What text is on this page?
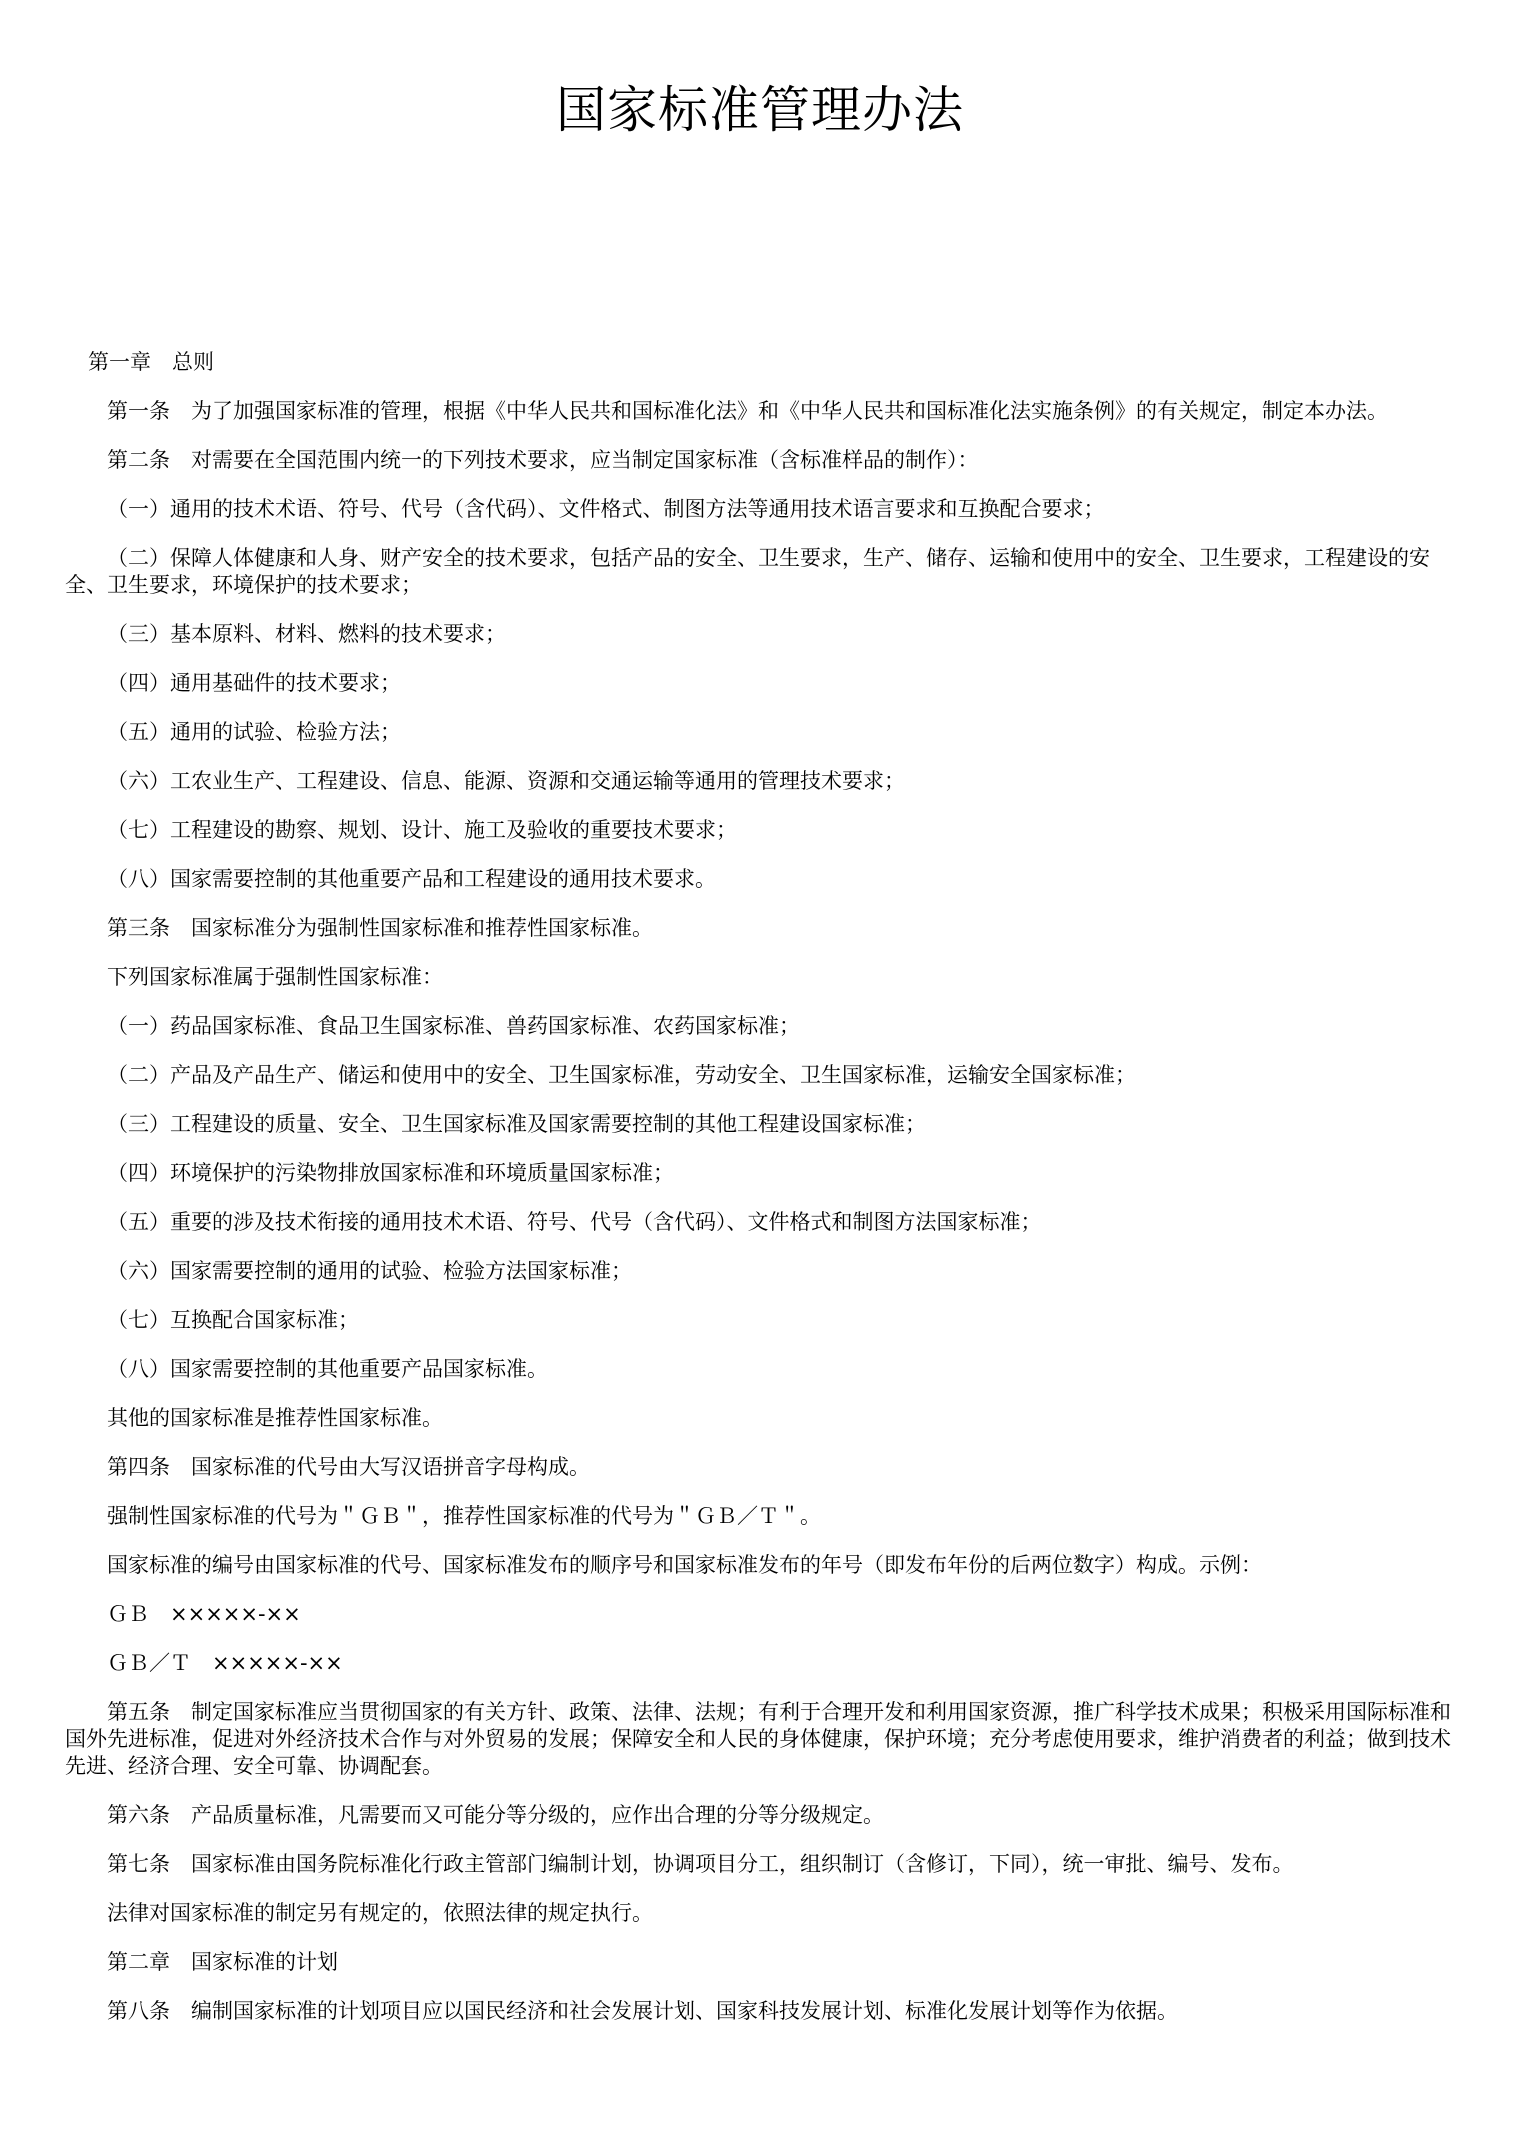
国家标准管理办法

第一章　总则

第一条　为了加强国家标准的管理，根据《中华人民共和国标准化法》和《中华人民共和国标准化法实施条例》的有关规定，制定本办法。

第二条　对需要在全国范围内统一的下列技术要求，应当制定国家标准（含标准样品的制作）：

（一）通用的技术术语、符号、代号（含代码）、文件格式、制图方法等通用技术语言要求和互换配合要求；

（二）保障人体健康和人身、财产安全的技术要求，包括产品的安全、卫生要求，生产、储存、运输和使用中的安全、卫生要求，工程建设的安全、卫生要求，环境保护的技术要求；

（三）基本原料、材料、燃料的技术要求；

（四）通用基础件的技术要求；

（五）通用的试验、检验方法；

（六）工农业生产、工程建设、信息、能源、资源和交通运输等通用的管理技术要求；

（七）工程建设的勘察、规划、设计、施工及验收的重要技术要求；

（八）国家需要控制的其他重要产品和工程建设的通用技术要求。

第三条　国家标准分为强制性国家标准和推荐性国家标准。

下列国家标准属于强制性国家标准：

（一）药品国家标准、食品卫生国家标准、兽药国家标准、农药国家标准；

（二）产品及产品生产、储运和使用中的安全、卫生国家标准，劳动安全、卫生国家标准，运输安全国家标准；

（三）工程建设的质量、安全、卫生国家标准及国家需要控制的其他工程建设国家标准；

（四）环境保护的污染物排放国家标准和环境质量国家标准；

（五）重要的涉及技术衔接的通用技术术语、符号、代号（含代码）、文件格式和制图方法国家标准；

（六）国家需要控制的通用的试验、检验方法国家标准；

（七）互换配合国家标准；

（八）国家需要控制的其他重要产品国家标准。

其他的国家标准是推荐性国家标准。

第四条　国家标准的代号由大写汉语拼音字母构成。

强制性国家标准的代号为＂ＧＢ＂，推荐性国家标准的代号为＂ＧＢ／Ｔ＂。

国家标准的编号由国家标准的代号、国家标准发布的顺序号和国家标准发布的年号（即发布年份的后两位数字）构成。示例：

ＧＢ　×××××-××

ＧＢ／Ｔ　×××××-××

第五条　制定国家标准应当贯彻国家的有关方针、政策、法律、法规；有利于合理开发和利用国家资源，推广科学技术成果；积极采用国际标准和国外先进标准，促进对外经济技术合作与对外贸易的发展；保障安全和人民的身体健康，保护环境；充分考虑使用要求，维护消费者的利益；做到技术先进、经济合理、安全可靠、协调配套。

第六条　产品质量标准，凡需要而又可能分等分级的，应作出合理的分等分级规定。

第七条　国家标准由国务院标准化行政主管部门编制计划，协调项目分工，组织制订（含修订，下同），统一审批、编号、发布。

法律对国家标准的制定另有规定的，依照法律的规定执行。

第二章　国家标准的计划

第八条　编制国家标准的计划项目应以国民经济和社会发展计划、国家科技发展计划、标准化发展计划等作为依据。
